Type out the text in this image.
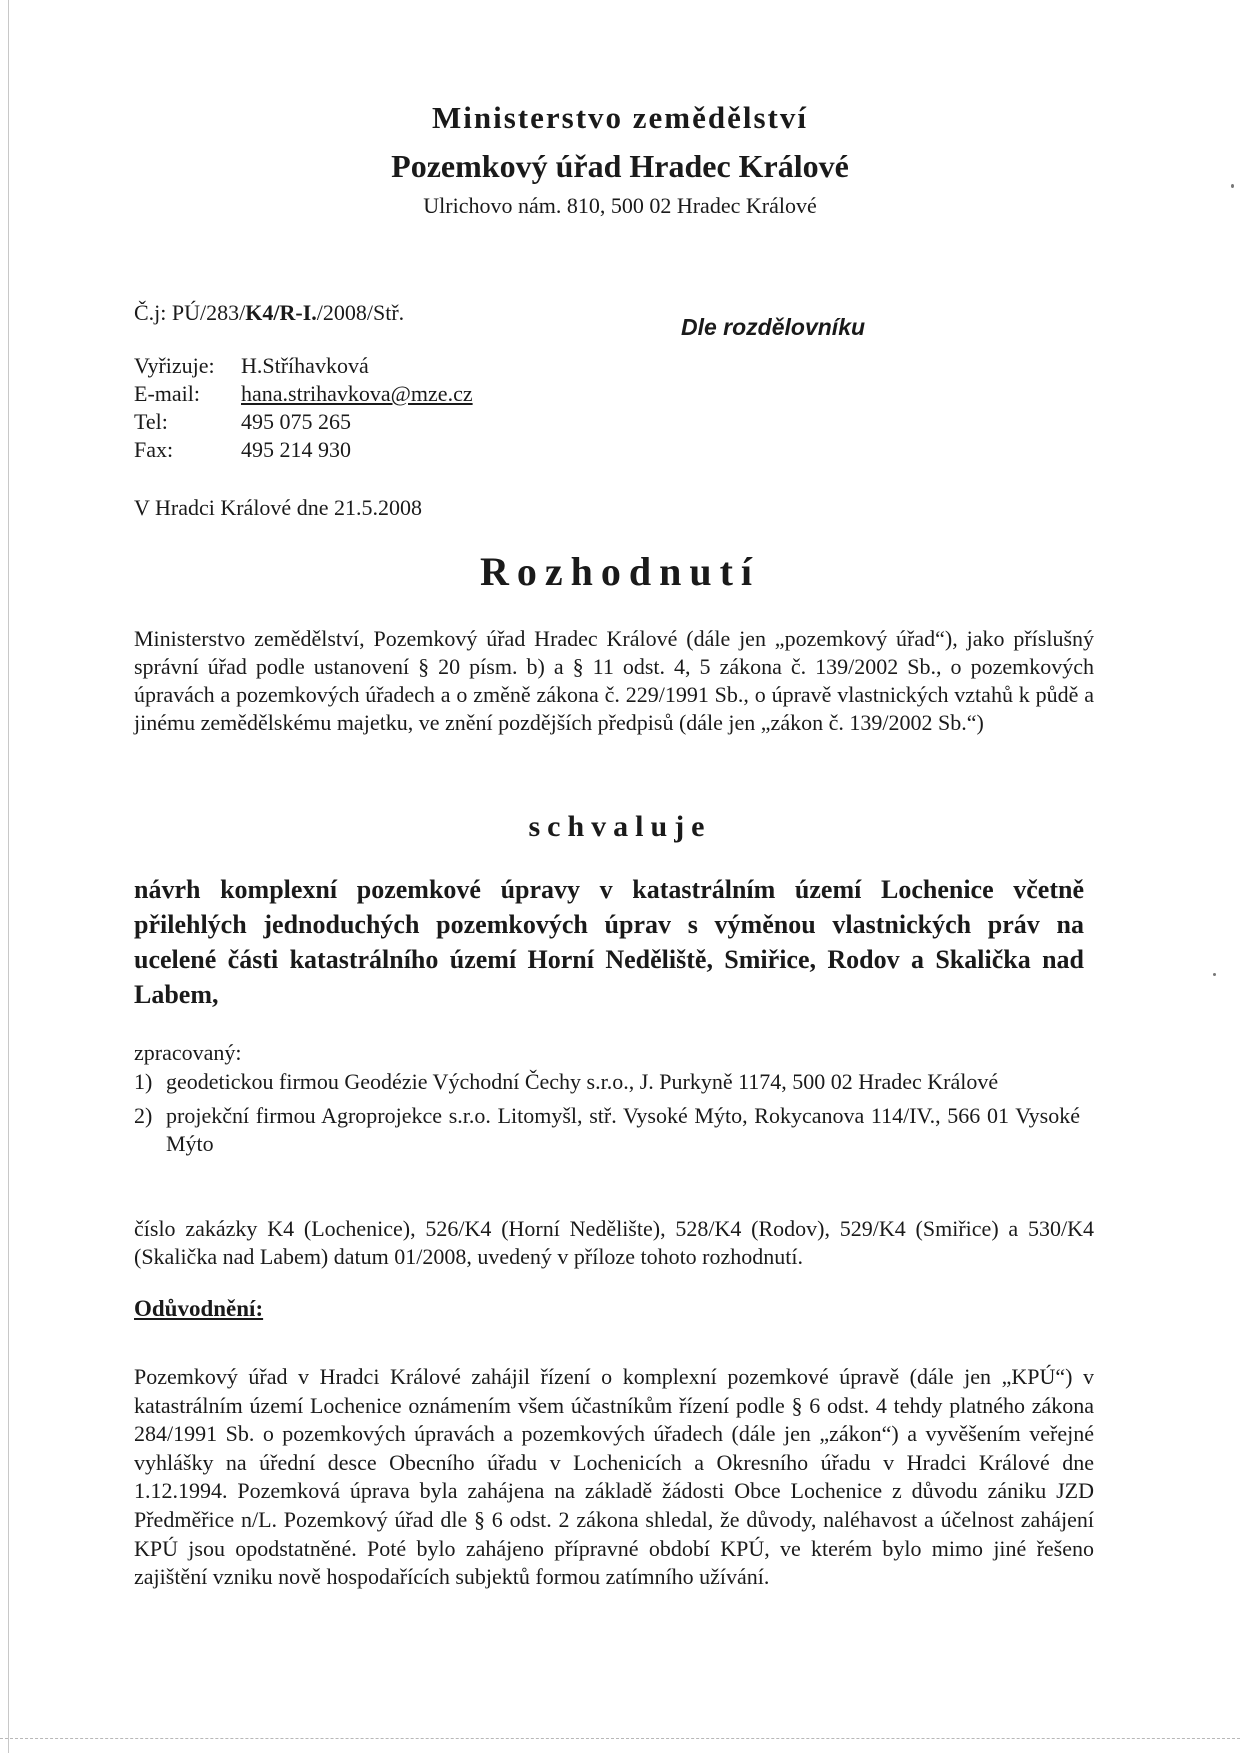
Ministerstvo zemědělství
Pozemkový úřad Hradec Králové
Ulrichovo nám. 810, 500 02 Hradec Králové
Č.j: PÚ/283/K4/R-I./2008/Stř.
Dle rozdělovníku
Vyřizuje: H.Stříhavková
E-mail: hana.strihavkova@mze.cz
Tel:	495 075 265
Fax:	495 214 930
V Hradci Králové dne 21.5.2008
Rozhodnutí
Ministerstvo zemědělství, Pozemkový úřad Hradec Králové (dále jen „pozemkový úřad“), jako příslušný správní úřad podle ustanovení § 20 písm. b) a § 11 odst. 4, 5 zákona č. 139/2002 Sb., o pozemkových úpravách a pozemkových úřadech a o změně zákona č. 229/1991 Sb., o úpravě vlastnických vztahů k půdě a jinému zemědělskému majetku, ve znění pozdějších předpisů (dále jen „zákon č. 139/2002 Sb.“)
schvaluje
návrh komplexní pozemkové úpravy v katastrálním území Lochenice včetně přilehlých jednoduchých pozemkových úprav s výměnou vlastnických práv na ucelené části katastrálního území Horní Neděliště, Smiřice, Rodov a Skalička nad Labem,
zpracovaný:
1) geodetickou firmou Geodézie Východní Čechy s.r.o., J. Purkyně 1174, 500 02 Hradec Králové
2) projekční firmou Agroprojekce s.r.o. Litomyšl, stř. Vysoké Mýto, Rokycanova 114/IV., 566 01 Vysoké Mýto
číslo zakázky K4 (Lochenice), 526/K4 (Horní Nedělište), 528/K4 (Rodov), 529/K4 (Smiřice) a 530/K4 (Skalička nad Labem) datum 01/2008, uvedený v příloze tohoto rozhodnutí.
Odůvodnění:
Pozemkový úřad v Hradci Králové zahájil řízení o komplexní pozemkové úpravě (dále jen „KPÚ“) v katastrálním území Lochenice oznámením všem účastníkům řízení podle § 6 odst. 4 tehdy platného zákona 284/1991 Sb. o pozemkových úpravách a pozemkových úřadech (dále jen „zákon“) a vyvěšením veřejné vyhlášky na úřední desce Obecního úřadu v Lochenicích a Okresního úřadu v Hradci Králové dne 1.12.1994. Pozemková úprava byla zahájena na základě žádosti Obce Lochenice z důvodu zániku JZD Předměřice n/L. Pozemkový úřad dle § 6 odst. 2 zákona shledal, že důvody, naléhavost a účelnost zahájení KPÚ jsou opodstatněné. Poté bylo zahájeno přípravné období KPÚ, ve kterém bylo mimo jiné řešeno zajištění vzniku nově hospodařících subjektů formou zatímního užívání.
